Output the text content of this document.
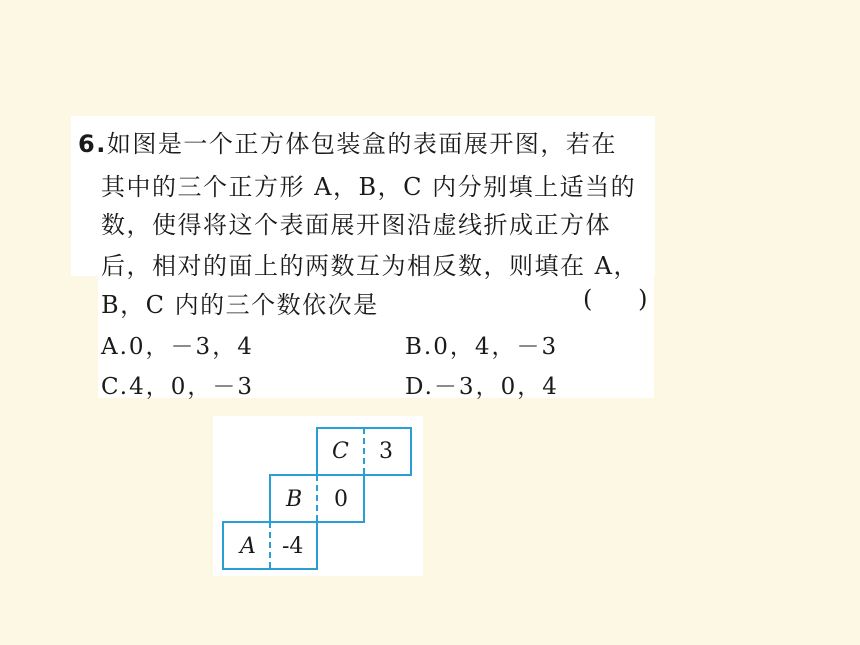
6.如图是一个正方体包装盒的表面展开图，若在
其中的三个正方形 A，B，C 内分别填上适当的
数，使得将这个表面展开图沿虚线折成正方体
后，相对的面上的两数互为相反数，则填在 A，
B，C 内的三个数依次是	(      )
A.0，－3，4	B.0，4，－3
C.4，0，－3	D.－3，0，4
C 3
B 0
A -4
